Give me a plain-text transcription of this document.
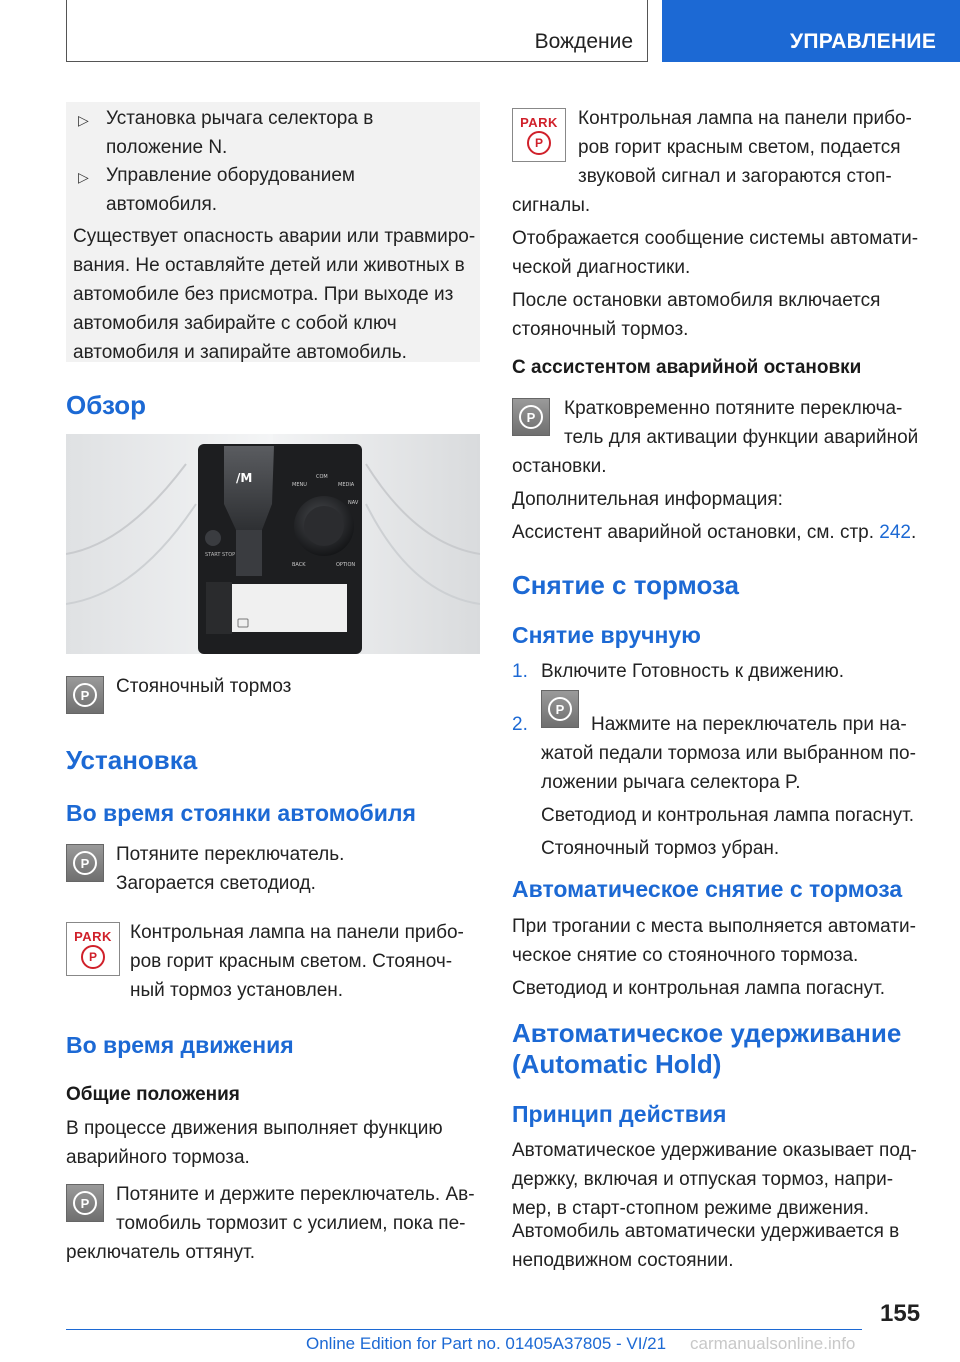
Вождение	УПРАВЛЕНИЕ
▷ Установка рычага селектора в
положение N.
▷ Управление оборудованием
автомобиля.
Существует опасность аварии или травмиро-
вания. Не оставляйте детей или животных в
автомобиле без присмотра. При выходе из
автомобиля забирайте с собой ключ
автомобиля и запирайте автомобиль.
Обзор
/M
START STOP
MENU
COM
MEDIA
NAV
BACK	OPTION
P	Стояночный тормоз
Установка
Во время стоянки автомобиля
P	Потяните переключатель.
Загорается светодиод.
PARK
P
Контрольная лампа на панели прибо-
ров горит красным светом. Стояноч-
ный тормоз установлен.
Во время движения
Общие положения
В процессе движения выполняет функцию
аварийного тормоза.
P	Потяните и держите переключатель. Ав-
томобиль тормозит с усилием, пока пе-
реключатель оттянут.
PARK
P
Контрольная лампа на панели прибо-
ров горит красным светом, подается
звуковой сигнал и загораются стоп-
сигналы.
Отображается сообщение системы автомати-
ческой диагностики.
После остановки автомобиля включается
стояночный тормоз.
С ассистентом аварийной остановки
P	Кратковременно потяните переключа-
тель для активации функции аварийной
остановки.
Дополнительная информация:
Ассистент аварийной остановки, см. стр. 242.
Снятие с тормоза
Снятие вручную
1. Включите Готовность к движению.
2.
P
Нажмите на переключатель при на-
жатой педали тормоза или выбранном по-
ложении рычага селектора P.
Светодиод и контрольная лампа погаснут.
Стояночный тормоз убран.
Автоматическое снятие с тормоза
При трогании с места выполняется автомати-
ческое снятие со стояночного тормоза.
Светодиод и контрольная лампа погаснут.
Автоматическое удерживание
(Automatic Hold)
Принцип действия
Автоматическое удерживание оказывает под-
держку, включая и отпуская тормоз, напри-
мер, в старт-стопном режиме движения.
Автомобиль автоматически удерживается в
неподвижном состоянии.
155
Online Edition for Part no. 01405A37805 - VI/21 carmanualsonline.info
